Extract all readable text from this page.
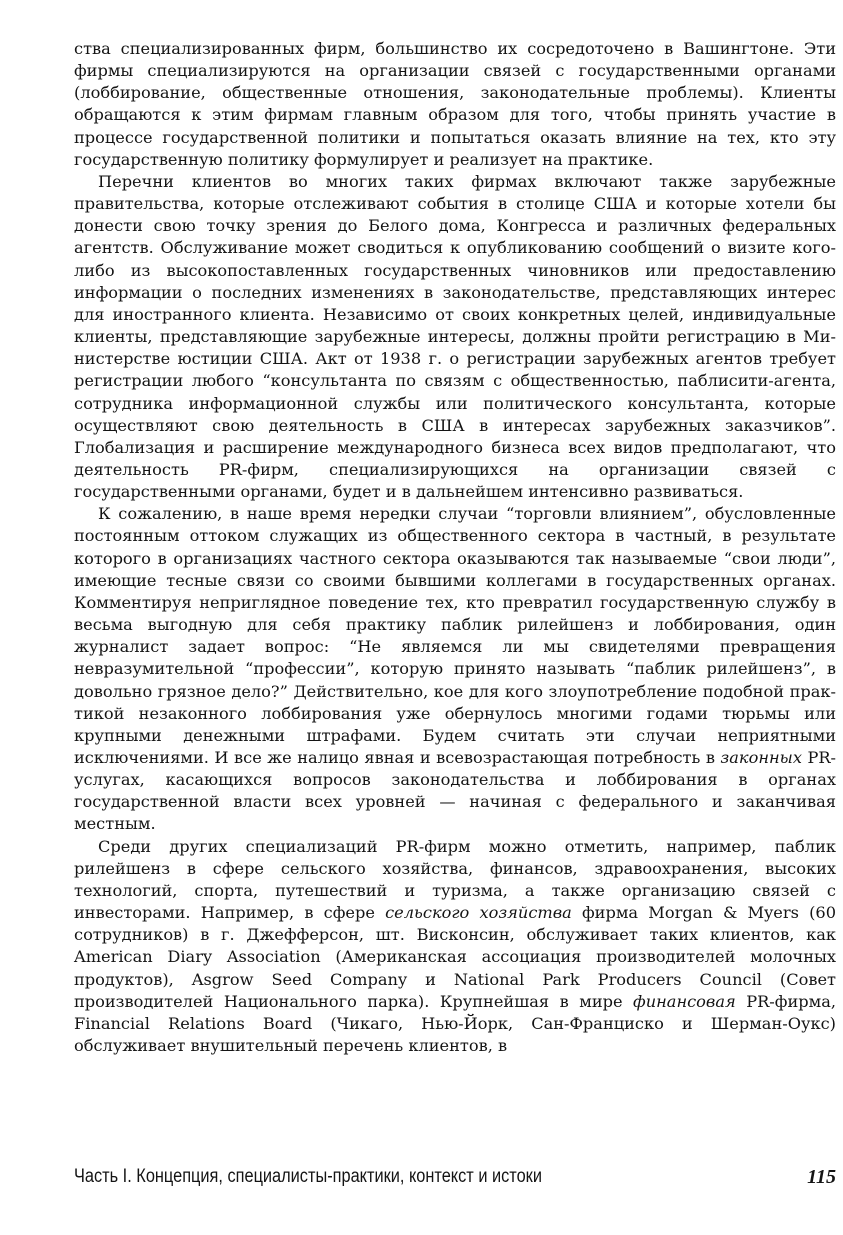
ства специализированных фирм, большинство их сосредоточено в Вашингтоне. Эти фирмы специализируются на организации связей с государственными органами (лоббирование, общественные отношения, законодательные проблемы). Клиенты обращаются к этим фирмам главным образом для того, чтобы принять участие в процессе государственной политики и попытаться оказать влияние на тех, кто эту государственную политику формулирует и реализует на практике.

Перечни клиентов во многих таких фирмах включают также зарубежные правительства, которые отслеживают события в столице США и которые хотели бы донести свою точку зрения до Белого дома, Конгресса и различных федеральных агентств. Обслуживание может сводиться к опубликованию сообщений о визите кого-либо из высокопоставленных государственных чиновников или предоставлению информации о последних изменениях в законодательстве, представляющих интерес для иностранного клиента. Независимо от своих конкретных целей, индивидуальные клиенты, представляющие зарубежные интересы, должны пройти регистрацию в Министерстве юстиции США. Акт от 1938 г. о регистрации зарубежных агентов требует регистрации любого “консультанта по связям с общественностью, паблисити-агента, сотрудника информационной службы или политического консультанта, которые осуществляют свою деятельность в США в интересах зарубежных заказчиков”. Глобализация и расширение международного бизнеса всех видов предполагают, что деятельность PR-фирм, специализирующихся на организации связей с государственными органами, будет и в дальнейшем интенсивно развиваться.

К сожалению, в наше время нередки случаи “торговли влиянием”, обусловленные постоянным оттоком служащих из общественного сектора в частный, в результате которого в организациях частного сектора оказываются так называемые “свои люди”, имеющие тесные связи со своими бывшими коллегами в государственных органах. Комментируя неприглядное поведение тех, кто превратил государственную службу в весьма выгодную для себя практику паблик рилейшенз и лоббирования, один журналист задает вопрос: “Не являемся ли мы свидетелями превращения невразумительной “профессии”, которую принято называть “паблик рилейшенз”, в довольно грязное дело?” Действительно, кое для кого злоупотребление подобной практикой незаконного лоббирования уже обернулось многими годами тюрьмы или крупными денежными штрафами. Будем считать эти случаи неприятными исключениями. И все же налицо явная и всевозрастающая потребность в законных PR-услугах, касающихся вопросов законодательства и лоббирования в органах государственной власти всех уровней — начиная с федерального и заканчивая местным.

Среди других специализаций PR-фирм можно отметить, например, паблик рилейшенз в сфере сельского хозяйства, финансов, здравоохранения, высоких технологий, спорта, путешествий и туризма, а также организацию связей с инвесторами. Например, в сфере сельского хозяйства фирма Morgan & Myers (60 сотрудников) в г. Джефферсон, шт. Висконсин, обслуживает таких клиентов, как American Diary Association (Американская ассоциация производителей молочных продуктов), Asgrow Seed Company и National Park Producers Council (Совет производителей Национального парка). Крупнейшая в мире финансовая PR-фирма, Financial Relations Board (Чикаго, Нью-Йорк, Сан-Франциско и Шерман-Оукс) обслуживает внушительный перечень клиентов, в

Часть I. Концепция, специалисты-практики, контекст и истоки	115
